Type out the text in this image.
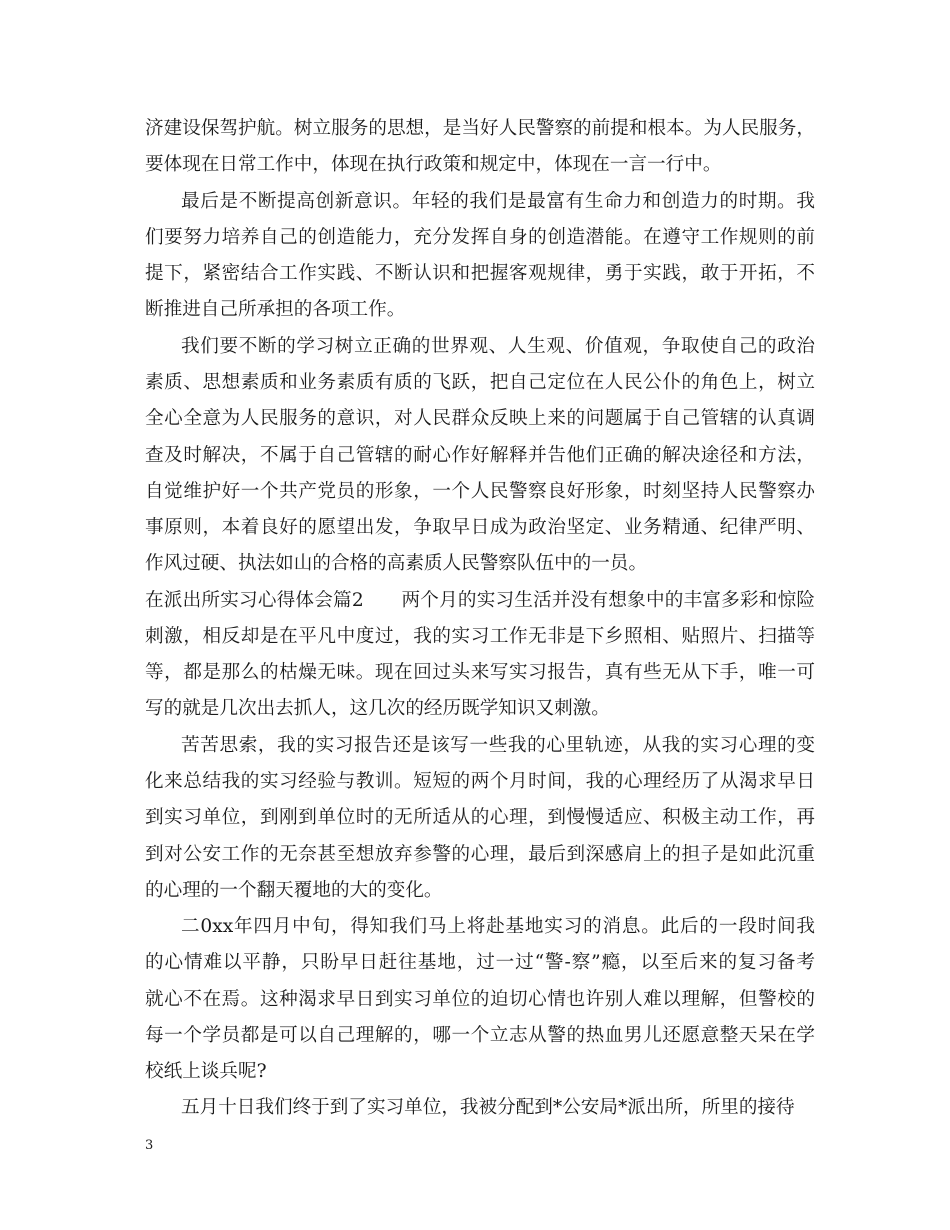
济建设保驾护航。树立服务的思想，是当好人民警察的前提和根本。为人民服务，
要体现在日常工作中，体现在执行政策和规定中，体现在一言一行中。
最后是不断提高创新意识。年轻的我们是最富有生命力和创造力的时期。我
们要努力培养自己的创造能力，充分发挥自身的创造潜能。在遵守工作规则的前
提下，紧密结合工作实践、不断认识和把握客观规律，勇于实践，敢于开拓，不
断推进自己所承担的各项工作。
我们要不断的学习树立正确的世界观、人生观、价值观，争取使自己的政治
素质、思想素质和业务素质有质的飞跃，把自己定位在人民公仆的角色上，树立
全心全意为人民服务的意识，对人民群众反映上来的问题属于自己管辖的认真调
查及时解决，不属于自己管辖的耐心作好解释并告他们正确的解决途径和方法，
自觉维护好一个共产党员的形象，一个人民警察良好形象，时刻坚持人民警察办
事原则，本着良好的愿望出发，争取早日成为政治坚定、业务精通、纪律严明、
作风过硬、执法如山的合格的高素质人民警察队伍中的一员。
在派出所实习心得体会篇2　　两个月的实习生活并没有想象中的丰富多彩和惊险
刺激，相反却是在平凡中度过，我的实习工作无非是下乡照相、贴照片、扫描等
等，都是那么的枯燥无味。现在回过头来写实习报告，真有些无从下手，唯一可
写的就是几次出去抓人，这几次的经历既学知识又刺激。
苦苦思索，我的实习报告还是该写一些我的心里轨迹，从我的实习心理的变
化来总结我的实习经验与教训。短短的两个月时间，我的心理经历了从渴求早日
到实习单位，到刚到单位时的无所适从的心理，到慢慢适应、积极主动工作，再
到对公安工作的无奈甚至想放弃参警的心理，最后到深感肩上的担子是如此沉重
的心理的一个翻天覆地的大的变化。
二0xx年四月中旬，得知我们马上将赴基地实习的消息。此后的一段时间我
的心情难以平静，只盼早日赶往基地，过一过“警-察”瘾，以至后来的复习备考
就心不在焉。这种渴求早日到实习单位的迫切心情也许别人难以理解，但警校的
每一个学员都是可以自己理解的，哪一个立志从警的热血男儿还愿意整天呆在学
校纸上谈兵呢?
五月十日我们终于到了实习单位，我被分配到*公安局*派出所，所里的接待
3
